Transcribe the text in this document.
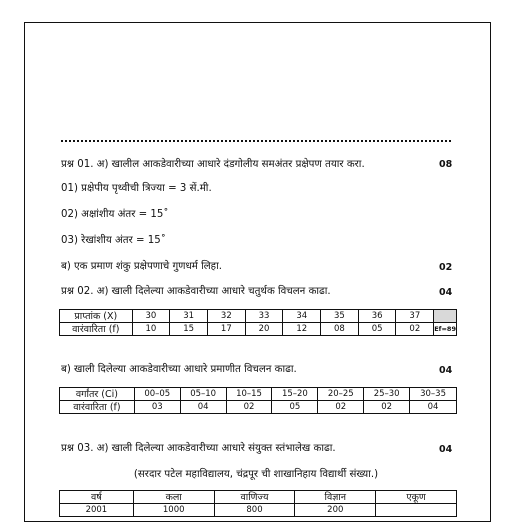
प्रश्न 01. अ) खालील आकडेवारीच्या आधारे दंडगोलीय समअंतर प्रक्षेपण तयार करा.	08
01) प्रक्षेपीय पृथ्वीची त्रिज्या = 3 सें.मी.
02) अक्षांशीय अंतर = 15˚
03) रेखांशीय अंतर = 15˚
ब) एक प्रमाण शंकु प्रक्षेपणाचे गुणधर्म लिहा.	02
प्रश्न 02. अ) खाली दिलेल्या आकडेवारीच्या आधारे चतुर्थक विचलन काढा.	04
प्राप्तांक (X)	30	31	32	33	34	35	36	37	
वारंवारिता (f)	10	15	17	20	12	08	05	02	Ef=89
ब) खाली दिलेल्या आकडेवारीच्या आधारे प्रमाणीत विचलन काढा.	04
वर्गांतर (Ci)	00–05	05–10	10–15	15–20	20–25	25–30	30–35
वारंवारिता (f)	03	04	02	05	02	02	04
प्रश्न 03. अ) खाली दिलेल्या आकडेवारीच्या आधारे संयुक्त स्तंभालेख काढा.	04
(सरदार पटेल महाविद्यालय, चंद्रपूर ची शाखानिहाय विद्यार्थी संख्या.)
वर्ष	कला	वाणिज्य	विज्ञान	एकूण
2001	1000	800	200	
